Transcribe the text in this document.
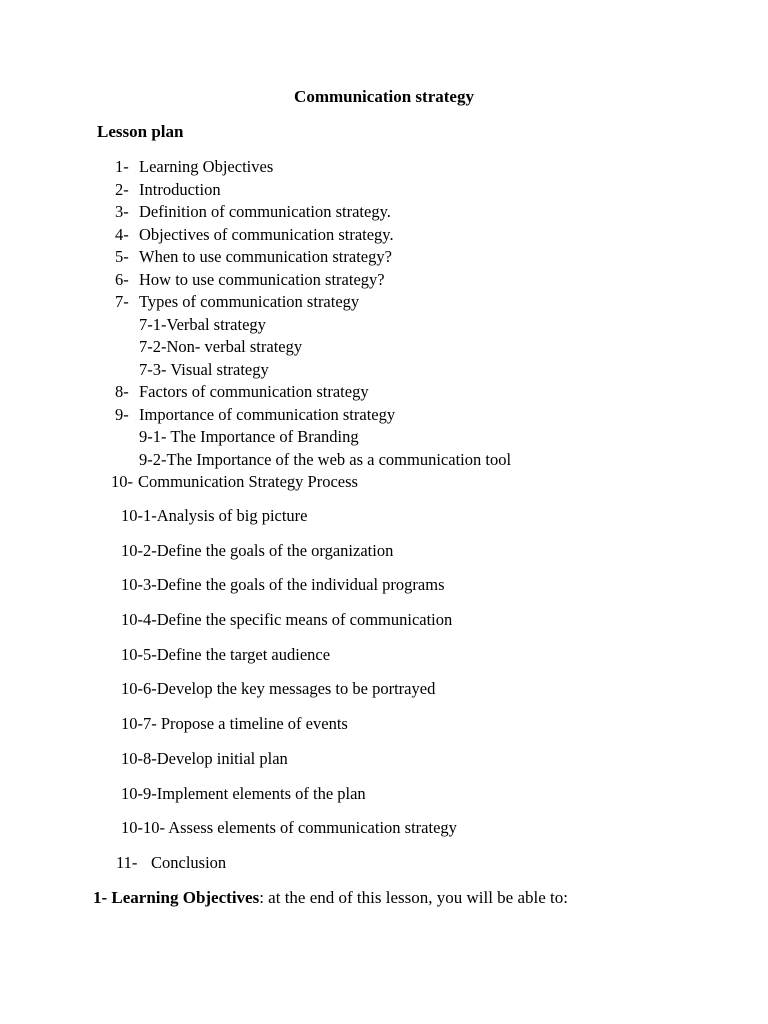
Communication strategy
Lesson plan
1- Learning Objectives
2- Introduction
3- Definition of communication strategy.
4- Objectives of communication strategy.
5- When to use communication strategy?
6- How to use communication strategy?
7- Types of communication strategy
7-1-Verbal strategy
7-2-Non- verbal strategy
7-3- Visual strategy
8- Factors of communication strategy
9- Importance of communication strategy
9-1- The Importance of Branding
9-2-The Importance of the web as a communication tool
10- Communication Strategy Process
10-1-Analysis of big picture
10-2-Define the goals of the organization
10-3-Define the goals of the individual programs
10-4-Define the specific means of communication
10-5-Define the target audience
10-6-Develop the key messages to be portrayed
10-7- Propose a timeline of events
10-8-Develop initial plan
10-9-Implement elements of the plan
10-10- Assess elements of communication strategy
11- Conclusion
1- Learning Objectives: at the end of this lesson, you will be able to:
